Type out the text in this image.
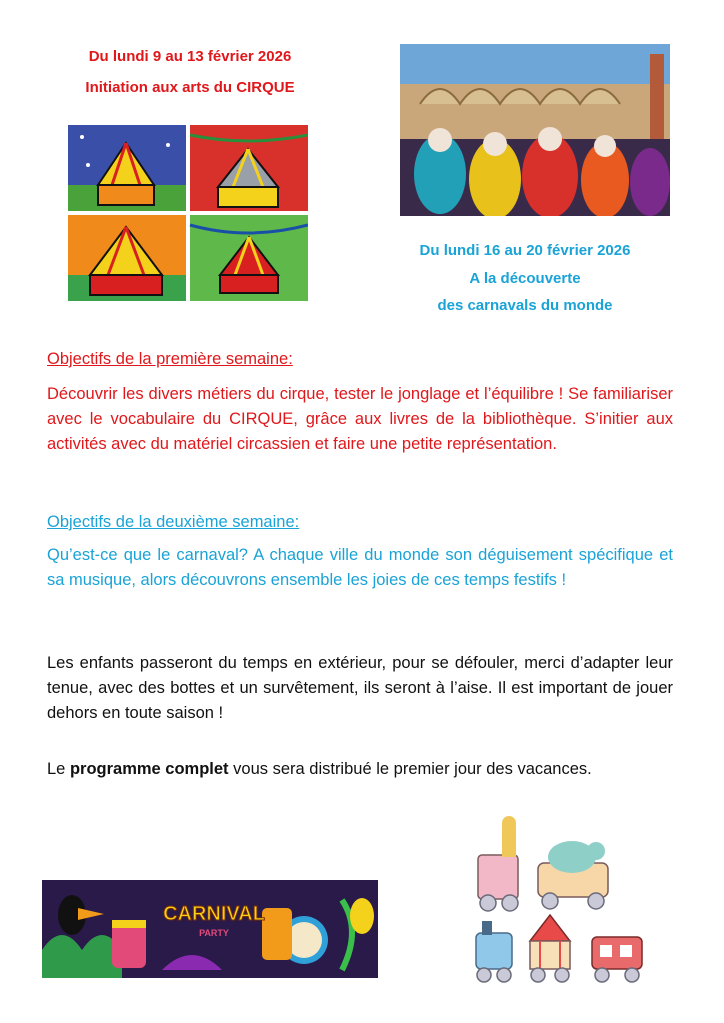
Du lundi 9 au 13 février 2026
Initiation aux arts du CIRQUE
Du lundi 16 au 20 février 2026
A la découverte
des carnavals du monde
Objectifs de la première semaine:
Découvrir les divers métiers du cirque, tester le jonglage et l’équilibre ! Se familiariser avec le vocabulaire du CIRQUE, grâce aux livres de la bibliothèque. S’initier aux activités avec du matériel circassien et faire une petite représentation.
Objectifs de la deuxième semaine:
Qu’est-ce que le carnaval? A chaque ville du monde son déguisement spécifique et sa musique, alors découvrons ensemble les joies de ces temps festifs !
Les enfants passeront du temps en extérieur, pour se défouler, merci d’adapter leur tenue, avec des bottes et un survêtement, ils seront à l’aise. Il est important de jouer dehors en toute saison !
Le programme complet vous sera distribué le premier jour des vacances.
CARNIVAL
PARTY
